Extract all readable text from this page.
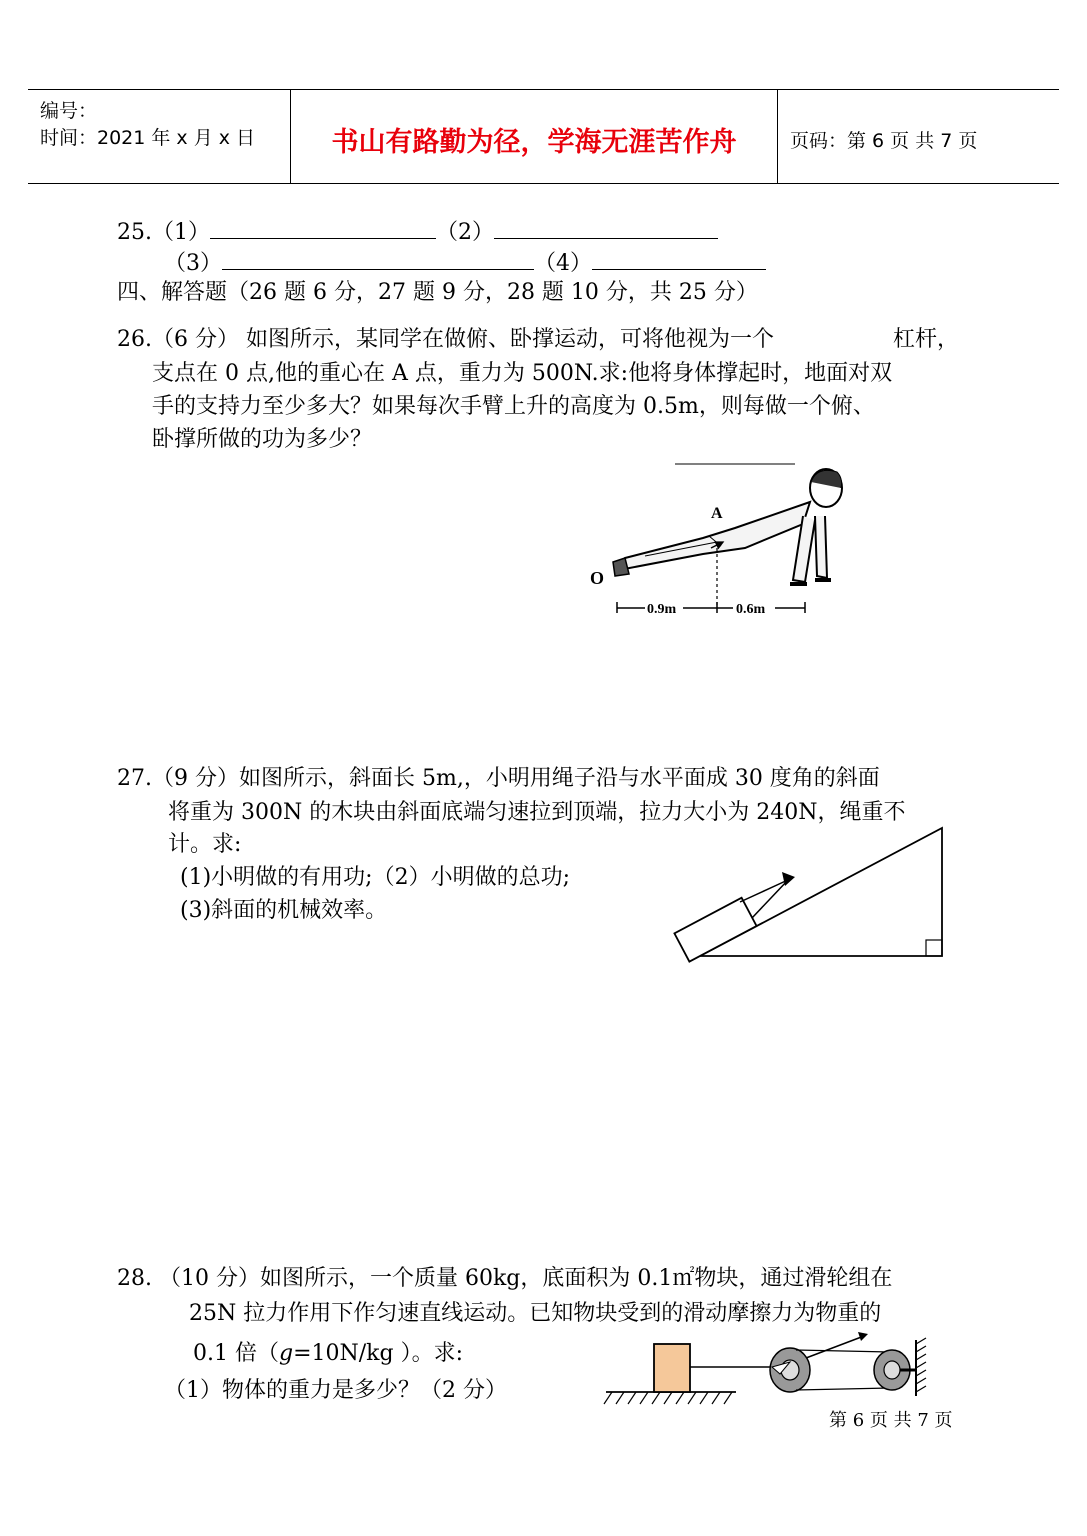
编号：
时间：2021 年 x 月 x 日	书山有路勤为径，学海无涯苦作舟	页码：第 6 页 共 7 页
25.（1）	（2）
（3）	（4）
四、解答题（26 题 6 分，27 题 9 分，28 题 10 分，共 25 分）
26.（6 分） 如图所示，某同学在做俯、卧撑运动，可将他视为一个	杠杆，
支点在 0 点,他的重心在 A 点，重力为 500N.求:他将身体撑起时，地面对双
手的支持力至少多大？如果每次手臂上升的高度为 0.5m，则每做一个俯、
卧撑所做的功为多少？
A
O
0.9m	0.6m
27.（9 分）如图所示，斜面长 5m,，小明用绳子沿与水平面成 30 度角的斜面
将重为 300N 的木块由斜面底端匀速拉到顶端，拉力大小为 240N，绳重不
计。求:
(1)小明做的有用功;（2）小明做的总功;
(3)斜面的机械效率。
28. （10 分）如图所示，一个质量 60kg，底面积为 0.1㎡物块，通过滑轮组在
25N 拉力作用下作匀速直线运动。已知物块受到的滑动摩擦力为物重的
0.1 倍（g=10N/kg ）。求:
（1）物体的重力是多少？（2 分）
第 6 页 共 7 页
